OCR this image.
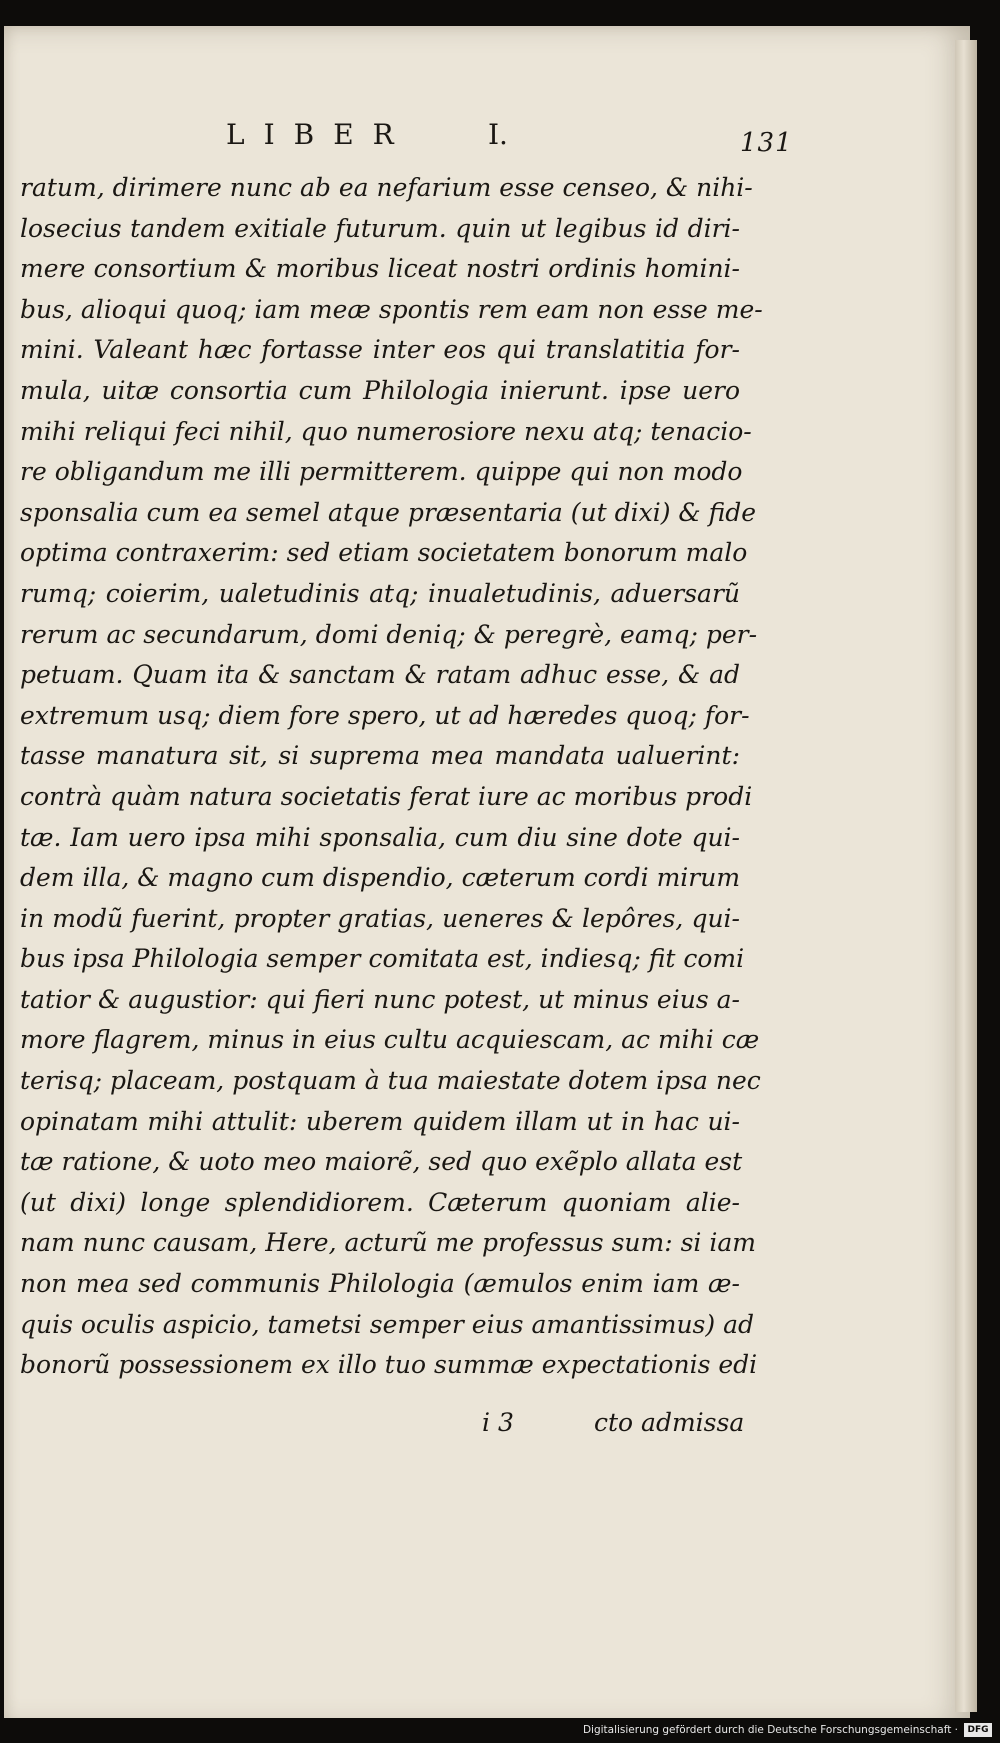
LIBER	I.	131
ratum, dirimere nunc ab ea nefarium esse censeo, & nihi-
losecius tandem exitiale futurum. quin ut legibus id diri-
mere consortium & moribus liceat nostri ordinis homini-
bus, alioqui quoq; iam meæ spontis rem eam non esse me-
mini. Valeant hæc fortasse inter eos qui translatitia for-
mula, uitæ consortia cum Philologia inierunt. ipse uero
mihi reliqui feci nihil, quo numerosiore nexu atq; tenacio-
re obligandum me illi permitterem. quippe qui non modo
sponsalia cum ea semel atque præsentaria (ut dixi) & fide
optima contraxerim: sed etiam societatem bonorum malo
rumq; coierim, ualetudinis atq; inualetudinis, aduersarũ
rerum ac secundarum, domi deniq; & peregrè, eamq; per-
petuam. Quam ita & sanctam & ratam adhuc esse, & ad
extremum usq; diem fore spero, ut ad hæredes quoq; for-
tasse manatura sit, si suprema mea mandata ualuerint:
contrà quàm natura societatis ferat iure ac moribus prodi
tæ. Iam uero ipsa mihi sponsalia, cum diu sine dote qui-
dem illa, & magno cum dispendio, cæterum cordi mirum
in modũ fuerint, propter gratias, ueneres & lepôres, qui-
bus ipsa Philologia semper comitata est, indiesq; fit comi
tatior & augustior: qui fieri nunc potest, ut minus eius a-
more flagrem, minus in eius cultu acquiescam, ac mihi cæ
terisq; placeam, postquam à tua maiestate dotem ipsa nec
opinatam mihi attulit: uberem quidem illam ut in hac ui-
tæ ratione, & uoto meo maiorẽ, sed quo exẽplo allata est
(ut dixi) longe splendidiorem. Cæterum quoniam alie-
nam nunc causam, Here, acturũ me professus sum: si iam
non mea sed communis Philologia (æmulos enim iam æ-
quis oculis aspicio, tametsi semper eius amantissimus) ad
bonorũ possessionem ex illo tuo summæ expectationis edi
i 3	cto admissa
Digitalisierung gefördert durch die Deutsche Forschungsgemeinschaft ·	DFG
